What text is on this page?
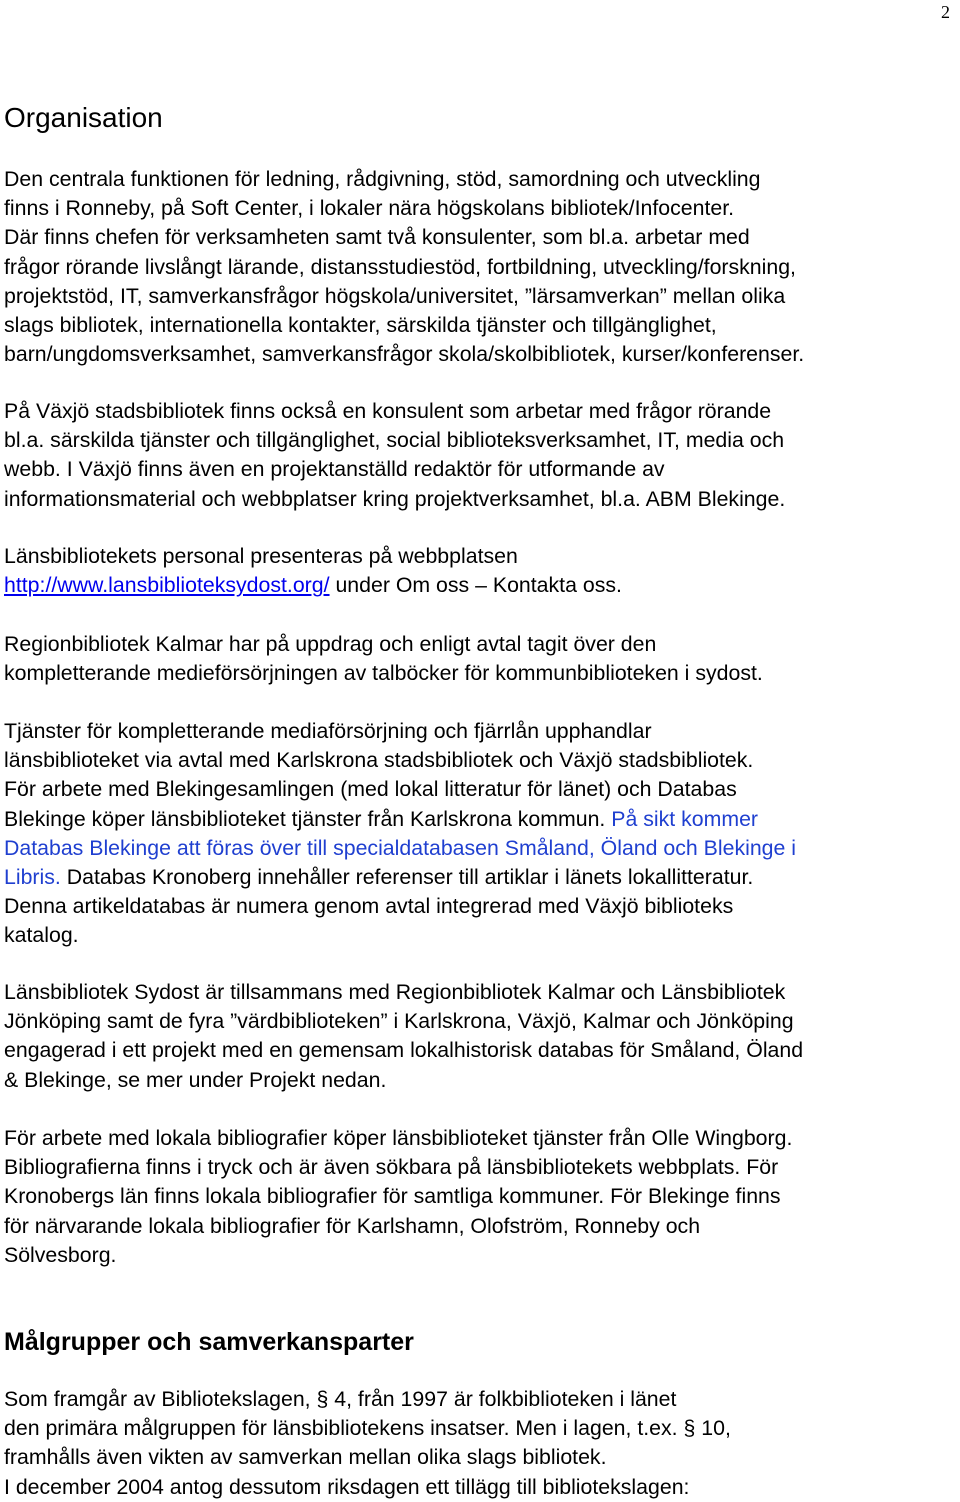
2
Organisation
Den centrala funktionen för ledning, rådgivning, stöd, samordning och utveckling
finns i Ronneby, på Soft Center, i lokaler nära högskolans bibliotek/Infocenter.
Där finns chefen för verksamheten samt två konsulenter, som bl.a. arbetar med
frågor rörande livslångt lärande, distansstudiestöd, fortbildning, utveckling/forskning,
projektstöd, IT, samverkansfrågor högskola/universitet, ”lärsamverkan” mellan olika
slags bibliotek, internationella kontakter, särskilda tjänster och tillgänglighet,
barn/ungdomsverksamhet, samverkansfrågor skola/skolbibliotek, kurser/konferenser.
På Växjö stadsbibliotek finns också en konsulent som arbetar med frågor rörande
bl.a. särskilda tjänster och tillgänglighet, social biblioteksverksamhet, IT, media och
webb. I Växjö finns även en projektanställd redaktör för utformande av
informationsmaterial och webbplatser kring projektverksamhet, bl.a. ABM Blekinge.
Länsbibliotekets personal presenteras på webbplatsen
http://www.lansbiblioteksydost.org/ under Om oss – Kontakta oss.
Regionbibliotek Kalmar har på uppdrag och enligt avtal tagit över den
kompletterande medieförsörjningen av talböcker för kommunbiblioteken i sydost.
Tjänster för kompletterande mediaförsörjning och fjärrlån upphandlar
länsbiblioteket via avtal med Karlskrona stadsbibliotek och Växjö stadsbibliotek.
För arbete med Blekingesamlingen (med lokal litteratur för länet) och Databas
Blekinge köper länsbiblioteket tjänster från Karlskrona kommun. På sikt kommer
Databas Blekinge att föras över till specialdatabasen Småland, Öland och Blekinge i
Libris. Databas Kronoberg innehåller referenser till artiklar i länets lokallitteratur.
Denna artikeldatabas är numera genom avtal integrerad med Växjö biblioteks
katalog.
Länsbibliotek Sydost är tillsammans med Regionbibliotek Kalmar och Länsbibliotek
Jönköping samt de fyra ”värdbiblioteken” i Karlskrona, Växjö, Kalmar och Jönköping
engagerad i ett projekt med en gemensam lokalhistorisk databas för Småland, Öland
& Blekinge, se mer under Projekt nedan.
För arbete med lokala bibliografier köper länsbiblioteket tjänster från Olle Wingborg.
Bibliografierna finns i tryck och är även sökbara på länsbibliotekets webbplats. För
Kronobergs län finns lokala bibliografier för samtliga kommuner. För Blekinge finns
för närvarande lokala bibliografier för Karlshamn, Olofström, Ronneby och
Sölvesborg.
Målgrupper och samverkansparter
Som framgår av Bibliotekslagen, § 4, från 1997 är folkbiblioteken i länet
den primära målgruppen för länsbibliotekens insatser. Men i lagen, t.ex. § 10,
framhålls även vikten av samverkan mellan olika slags bibliotek.
I december 2004 antog dessutom riksdagen ett tillägg till bibliotekslagen:
